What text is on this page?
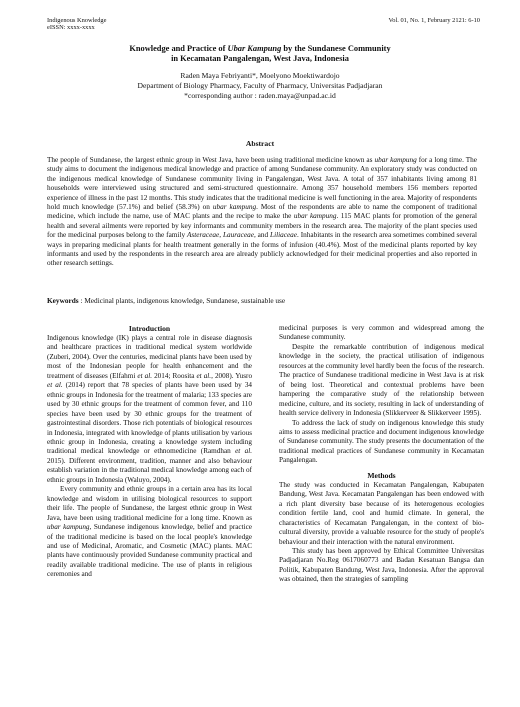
Indigenous Knowledge
eISSN: xxxx-xxxx
Vol. 01, No. 1, February 2121: 6-10
Knowledge and Practice of Ubar Kampung by the Sundanese Community
in Kecamatan Pangalengan, West Java, Indonesia
Raden Maya Febriyanti*, Moelyono Moektiwardojo
Department of Biology Pharmacy, Faculty of Pharmacy, Universitas Padjadjaran
*corresponding author : raden.maya@unpad.ac.id
Abstract

The people of Sundanese, the largest ethnic group in West Java, have been using traditional medicine known as ubar kampung for a long time. The study aims to document the indigenous medical knowledge and practice of among Sundanese community. An exploratory study was conducted on the indigenous medical knowledge of Sundanese community living in Pangalengan, West Java. A total of 357 inhabitants living among 81 households were interviewed using structured and semi-structured questionnaire. Among 357 household members 156 members reported experience of illness in the past 12 months. This study indicates that the traditional medicine is well functioning in the area. Majority of respondents hold much knowledge (57.1%) and belief (58.3%) on ubar kampung. Most of the respondents are able to name the component of traditional medicine, which include the name, use of MAC plants and the recipe to make the ubar kampung. 115 MAC plants for promotion of the general health and several ailments were reported by key informants and community members in the research area. The majority of the plant species used for the medicinal purposes belong to the family Asteraceae, Lauraceae, and Liliaceae. Inhabitants in the research area sometimes combined several ways in preparing medicinal plants for health treatment generally in the forms of infusion (40.4%). Most of the medicinal plants reported by key informants and used by the respondents in the research area are already publicly acknowledged for their medicinal properties and also reported in other research settings.

Keywords : Medicinal plants, indigenous knowledge, Sundanese, sustainable use

Introduction

Indigenous knowledge (IK) plays a central role in disease diagnosis and healthcare practices in traditional medical system worldwide (Zuberi, 2004). Over the centuries, medicinal plants have been used by most of the Indonesian people for health enhancement and the treatment of diseases (Elfahmi et al. 2014; Roosita et al., 2008). Yusro et al. (2014) report that 78 species of plants have been used by 34 ethnic groups in Indonesia for the treatment of malaria; 133 species are used by 30 ethnic groups for the treatment of common fever, and 110 species have been used by 30 ethnic groups for the treatment of gastrointestinal disorders. Those rich potentials of biological resources in Indonesia, integrated with knowledge of plants utilisation by various ethnic group in Indonesia, creating a knowledge system including traditional medical knowledge or ethnomedicine (Ramdhan et al. 2015). Different environment, tradition, manner and also behaviour establish variation in the traditional medical knowledge among each of ethnic groups in Indonesia (Waluyo, 2004).

Every community and ethnic groups in a certain area has its local knowledge and wisdom in utilising biological resources to support their life. The people of Sundanese, the largest ethnic group in West Java, have been using traditional medicine for a long time. Known as ubar kampung, Sundanese indigenous knowledge, belief and practice of the traditional medicine is based on the local people's knowledge and use of Medicinal, Aromatic, and Cosmetic (MAC) plants. MAC plants have continuously provided Sundanese community practical and readily available traditional medicine. The use of plants in religious ceremonies and

medicinal purposes is very common and widespread among the Sundanese community.

Despite the remarkable contribution of indigenous medical knowledge in the society, the practical utilisation of indigenous resources at the community level hardly been the focus of the research. The practice of Sundanese traditional medicine in West Java is at risk of being lost. Theoretical and contextual problems have been hampering the comparative study of the relationship between medicine, culture, and its society, resulting in lack of understanding of health service delivery in Indonesia (Slikkerveer & Slikkerveer 1995).

To address the lack of study on indigenous knowledge this study aims to assess medicinal practice and document indigenous knowledge of Sundanese community. The study presents the documentation of the traditional medical practices of Sundanese community in Kecamatan Pangalengan.

Methods

The study was conducted in Kecamatan Pangalengan, Kabupaten Bandung, West Java. Kecamatan Pangalengan has been endowed with a rich plant diversity base because of its heterogenous ecologies condition fertile land, cool and humid climate. In general, the characteristics of Kecamatan Pangalengan, in the context of bio-cultural diversity, provide a valuable resource for the study of people's behaviour and their interaction with the natural environment.

This study has been approved by Ethical Committee Universitas Padjadjaran No.Reg 0617060773 and Badan Kesatuan Bangsa dan Politik, Kabupaten Bandung, West Java, Indonesia. After the approval was obtained, then the strategies of sampling
